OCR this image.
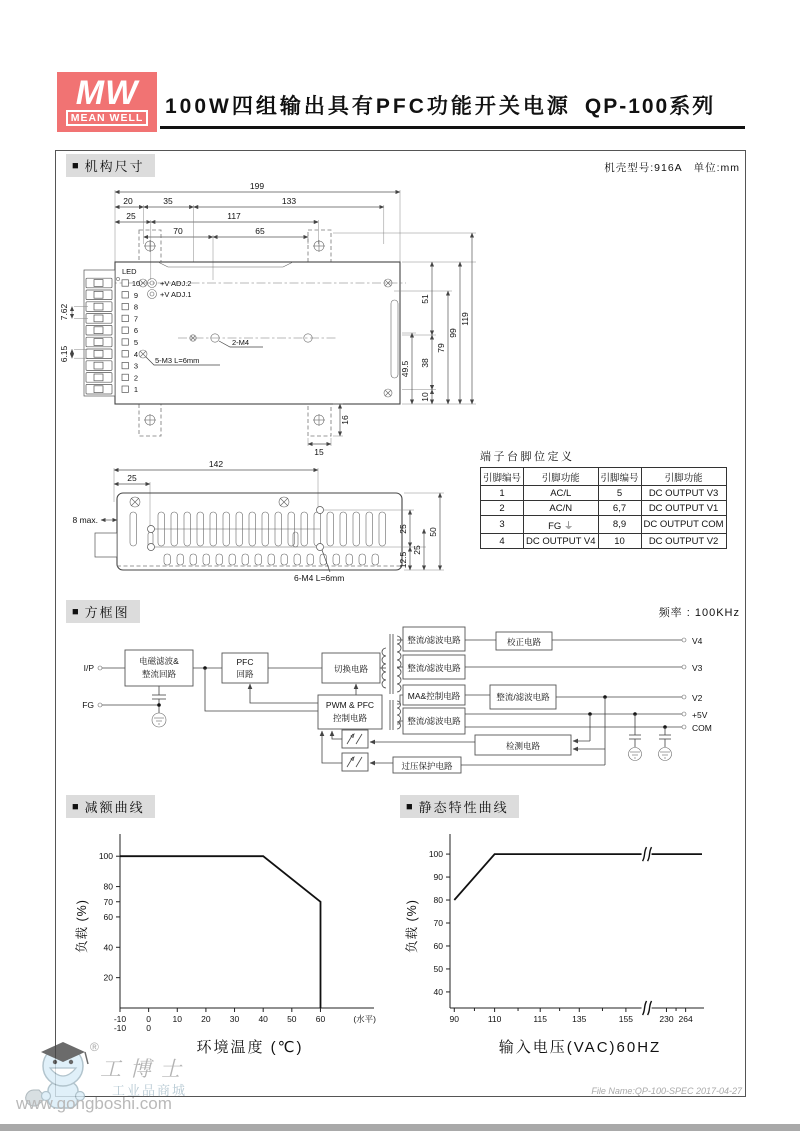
MW
MEAN WELL 100W四组输出具有PFC功能开关电源 QP-100系列
■ 机构尺寸	机壳型号:916A　单位:mm
199
20	35	133
25	117
70	65
2-M4
5-M3 L=6mm
10
9
8
7
6
5
4
3
2
1
LED
+V ADJ.2
+V ADJ.1
7.62
6.15
49.5
51
38
10
79
99
119
15
16
142
25
8 max.
6-M4 L=6mm
25
12.5
25
50
端子台脚位定义
引脚编号	引脚功能	引脚编号	引脚功能
1	AC/L	5	DC OUTPUT V3
2	AC/N	6,7	DC OUTPUT V1
3	FG ⏚	8,9	DC OUTPUT COM
4	DC OUTPUT V4	10	DC OUTPUT V2
■ 方框图	频率 : 100KHz
I/P
FG
电磁滤波&
整流回路
PFC
回路	切换电路
PWM & PFC
控制电路
整流/滤波电路
整流/滤波电路
MA&控制电路
整流/滤波电路
校正电路
整流/滤波电路
检测电路
过压保护电路
V4
V3
V2
+5V
COM
■ 减额曲线	■ 静态特性曲线
-10
-10
0
0
10 20 30 40 50 60	(水平)
20
40
60
70
80
100
环境温度 (℃)
负载 (%)
90	110	115	135	155	230 264
40
50
60
70
80
90
100
输入电压(VAC)60HZ
负载 (%)
®
工博士
工业品商城
www.gongboshi.com
File Name:QP-100-SPEC 2017-04-27
